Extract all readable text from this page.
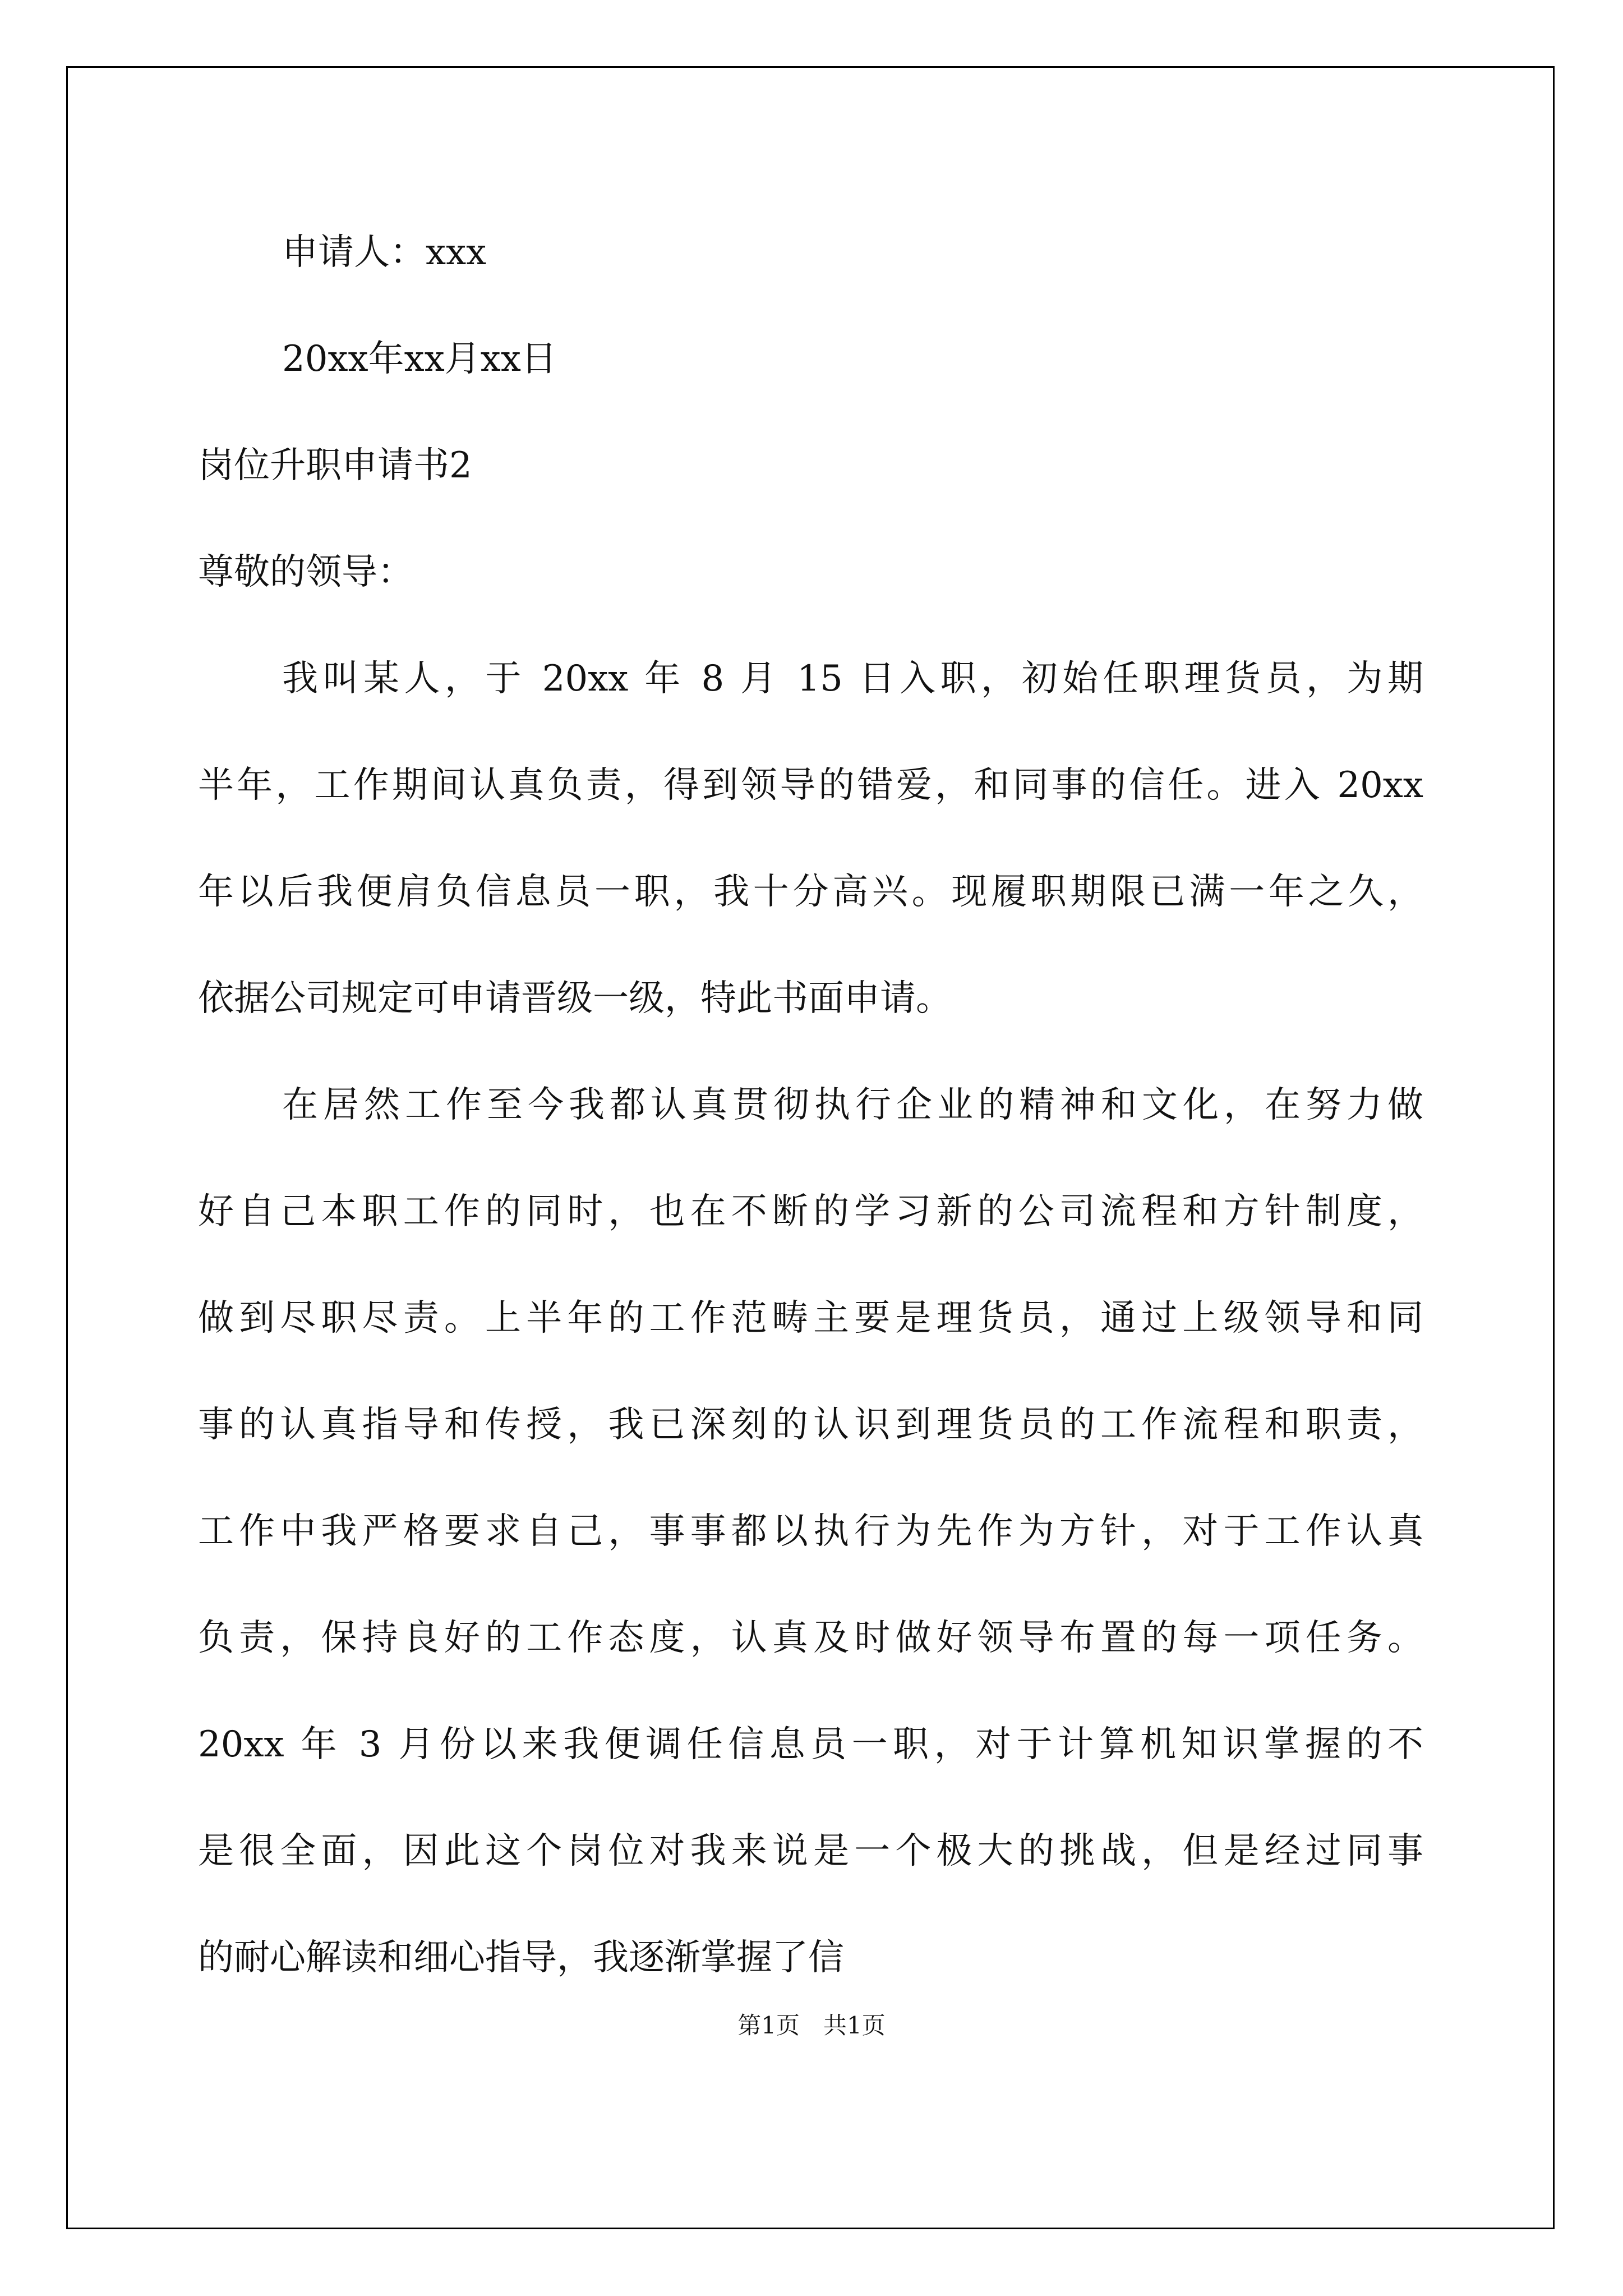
申请人：xxx
20xx年xx月xx日
岗位升职申请书2
尊敬的领导：
我叫某人，于 20xx 年 8 月 15 日入职，初始任职理货员，为期
半年，工作期间认真负责，得到领导的错爱，和同事的信任。进入 20xx
年以后我便肩负信息员一职，我十分高兴。现履职期限已满一年之久，
依据公司规定可申请晋级一级，特此书面申请。
在居然工作至今我都认真贯彻执行企业的精神和文化，在努力做
好自己本职工作的同时，也在不断的学习新的公司流程和方针制度，
做到尽职尽责。上半年的工作范畴主要是理货员，通过上级领导和同
事的认真指导和传授，我已深刻的认识到理货员的工作流程和职责，
工作中我严格要求自己，事事都以执行为先作为方针，对于工作认真
负责，保持良好的工作态度，认真及时做好领导布置的每一项任务。
20xx 年 3 月份以来我便调任信息员一职，对于计算机知识掌握的不
是很全面，因此这个岗位对我来说是一个极大的挑战，但是经过同事
的耐心解读和细心指导，我逐渐掌握了信
第1页　共1页
